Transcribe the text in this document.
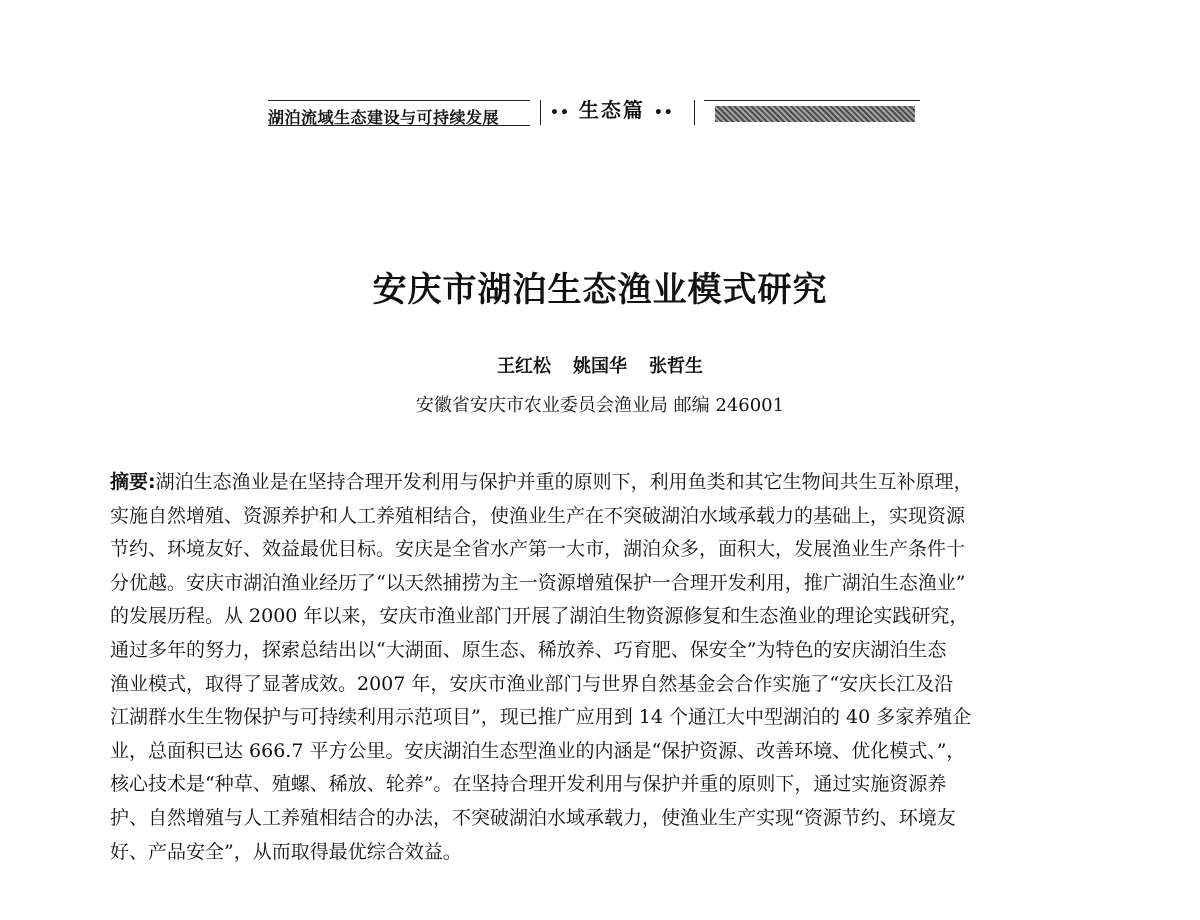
湖泊流域生态建设与可持续发展	•• 生态篇 ••
安庆市湖泊生态渔业模式研究
王红松 姚国华 张哲生
安徽省安庆市农业委员会渔业局 邮编 246001
摘要:湖泊生态渔业是在坚持合理开发利用与保护并重的原则下，利用鱼类和其它生物间共生互补原理，
实施自然增殖、资源养护和人工养殖相结合，使渔业生产在不突破湖泊水域承载力的基础上，实现资源
节约、环境友好、效益最优目标。安庆是全省水产第一大市，湖泊众多，面积大，发展渔业生产条件十
分优越。安庆市湖泊渔业经历了“以天然捕捞为主一资源增殖保护一合理开发利用，推广湖泊生态渔业”
的发展历程。从 2000 年以来，安庆市渔业部门开展了湖泊生物资源修复和生态渔业的理论实践研究，
通过多年的努力，探索总结出以“大湖面、原生态、稀放养、巧育肥、保安全”为特色的安庆湖泊生态
渔业模式，取得了显著成效。2007 年，安庆市渔业部门与世界自然基金会合作实施了“安庆长江及沿
江湖群水生生物保护与可持续利用示范项目”，现已推广应用到 14 个通江大中型湖泊的 40 多家养殖企
业，总面积已达 666.7 平方公里。安庆湖泊生态型渔业的内涵是“保护资源、改善环境、优化模式、”，
核心技术是“种草、殖螺、稀放、轮养”。在坚持合理开发利用与保护并重的原则下，通过实施资源养
护、自然增殖与人工养殖相结合的办法，不突破湖泊水域承载力，使渔业生产实现“资源节约、环境友
好、产品安全”，从而取得最优综合效益。
